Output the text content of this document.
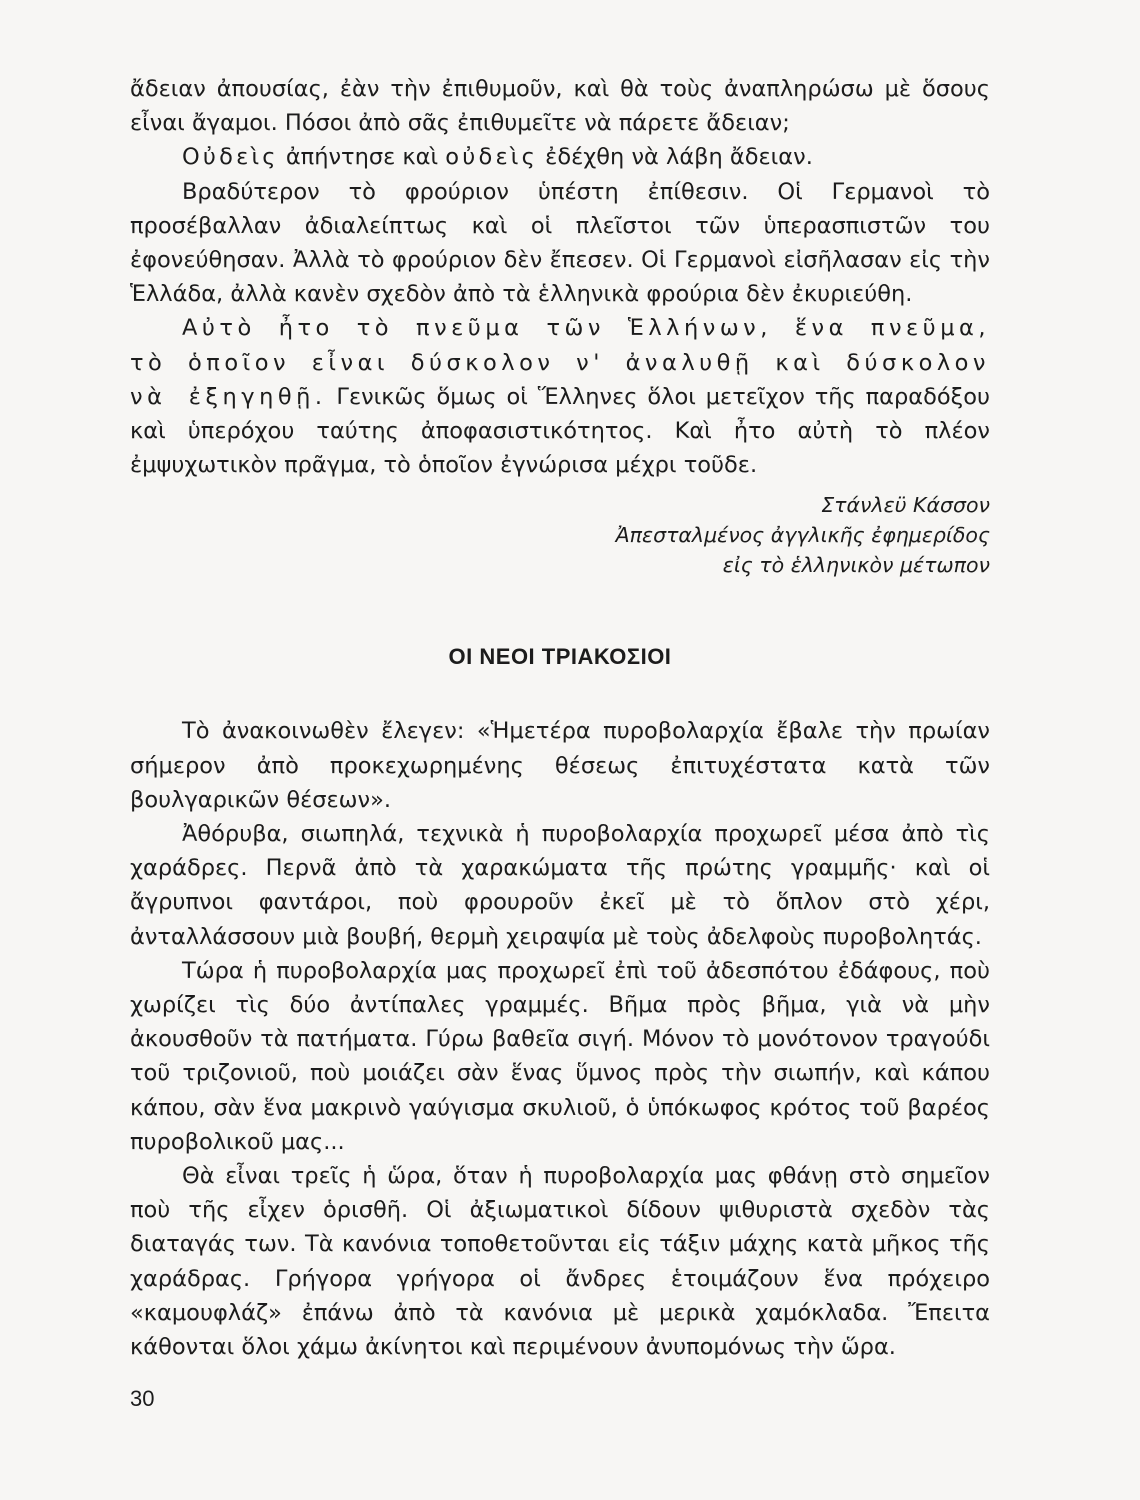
ἄδειαν ἀπουσίας, ἐὰν τὴν ἐπιθυμοῦν, καὶ θὰ τοὺς ἀναπληρώσω μὲ ὅσους εἶναι ἄγαμοι. Πόσοι ἀπὸ σᾶς ἐπιθυμεῖτε νὰ πάρετε ἄδειαν;

Οὐδεὶς ἀπήντησε καὶ οὐδεὶς ἐδέχθη νὰ λάβη ἄδειαν.

Βραδύτερον τὸ φρούριον ὑπέστη ἐπίθεσιν. Οἱ Γερμανοὶ τὸ προσέβαλλαν ἀδιαλείπτως καὶ οἱ πλεῖστοι τῶν ὑπερασπιστῶν του ἐφονεύθησαν. Ἀλλὰ τὸ φρούριον δὲν ἔπεσεν. Οἱ Γερμανοὶ εἰσῆλασαν εἰς τὴν Ἑλλάδα, ἀλλὰ κανὲν σχεδὸν ἀπὸ τὰ ἑλληνικὰ φρούρια δὲν ἐκυριεύθη.

Αὐτὸ ἦτο τὸ πνεῦμα τῶν Ἑλλήνων, ἕνα πνεῦμα, τὸ ὁποῖον εἶναι δύσκολον ν' ἀναλυθῇ καὶ δύσκολον νὰ ἐξηγηθῇ. Γενικῶς ὅμως οἱ Ἕλληνες ὅλοι μετεῖχον τῆς παραδόξου καὶ ὑπερόχου ταύτης ἀποφασιστικότητος. Καὶ ἦτο αὐτὴ τὸ πλέον ἐμψυχωτικὸν πρᾶγμα, τὸ ὁποῖον ἐγνώρισα μέχρι τοῦδε.

Στάνλεϋ Κάσσον
Ἀπεσταλμένος ἀγγλικῆς ἐφημερίδος
εἰς τὸ ἑλληνικὸν μέτωπον
ΟΙ ΝΕΟΙ ΤΡΙΑΚΟΣΙΟΙ

Τὸ ἀνακοινωθὲν ἔλεγεν: «Ἡμετέρα πυροβολαρχία ἔβαλε τὴν πρωίαν σήμερον ἀπὸ προκεχωρημένης θέσεως ἐπιτυχέστατα κατὰ τῶν βουλγαρικῶν θέσεων».

Ἀθόρυβα, σιωπηλά, τεχνικὰ ἡ πυροβολαρχία προχωρεῖ μέσα ἀπὸ τὶς χαράδρες. Περνᾶ ἀπὸ τὰ χαρακώματα τῆς πρώτης γραμμῆς· καὶ οἱ ἄγρυπνοι φαντάροι, ποὺ φρουροῦν ἐκεῖ μὲ τὸ ὅπλον στὸ χέρι, ἀνταλλάσσουν μιὰ βουβή, θερμὴ χειραψία μὲ τοὺς ἀδελφοὺς πυροβολητάς.

Τώρα ἡ πυροβολαρχία μας προχωρεῖ ἐπὶ τοῦ ἀδεσπότου ἐδάφους, ποὺ χωρίζει τὶς δύο ἀντίπαλες γραμμές. Βῆμα πρὸς βῆμα, γιὰ νὰ μὴν ἀκουσθοῦν τὰ πατήματα. Γύρω βαθεῖα σιγή. Μόνον τὸ μονότονον τραγούδι τοῦ τριζονιοῦ, ποὺ μοιάζει σὰν ἕνας ὕμνος πρὸς τὴν σιωπήν, καὶ κάπου κάπου, σὰν ἕνα μακρινὸ γαύγισμα σκυλιοῦ, ὁ ὑπόκωφος κρότος τοῦ βαρέος πυροβολικοῦ μας...

Θὰ εἶναι τρεῖς ἡ ὥρα, ὅταν ἡ πυροβολαρχία μας φθάνῃ στὸ σημεῖον ποὺ τῆς εἶχεν ὁρισθῆ. Οἱ ἀξιωματικοὶ δίδουν ψιθυριστὰ σχεδὸν τὰς διαταγάς των. Τὰ κανόνια τοποθετοῦνται εἰς τάξιν μάχης κατὰ μῆκος τῆς χαράδρας. Γρήγορα γρήγορα οἱ ἄνδρες ἑτοιμάζουν ἕνα πρόχειρο «καμουφλάζ» ἐπάνω ἀπὸ τὰ κανόνια μὲ μερικὰ χαμόκλαδα. Ἔπειτα κάθονται ὅλοι χάμω ἀκίνητοι καὶ περιμένουν ἀνυπομόνως τὴν ὥρα.

30
